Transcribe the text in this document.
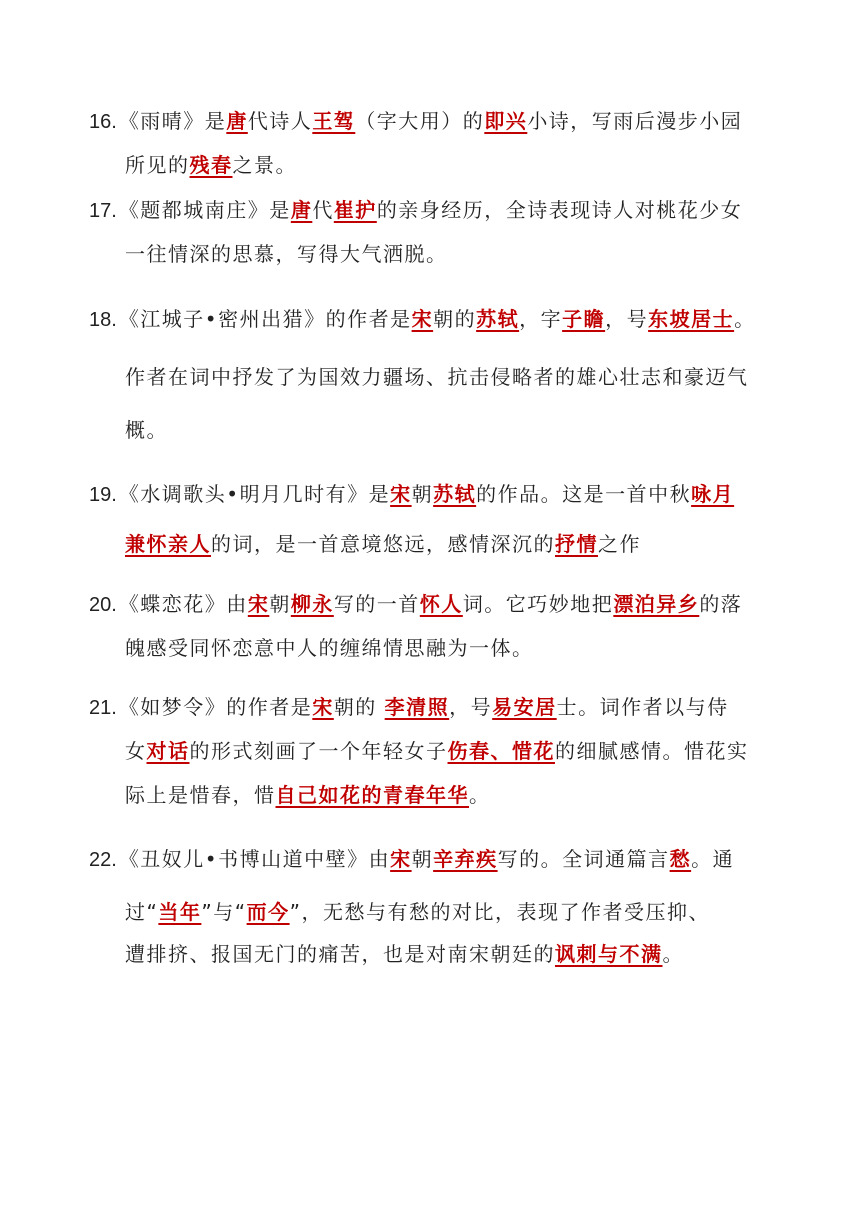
16. 《雨晴》是唐代诗人王驾（字大用）的即兴小诗，写雨后漫步小园
所见的残春之景。
17. 《题都城南庄》是唐代崔护的亲身经历，全诗表现诗人对桃花少女
一往情深的思慕，写得大气洒脱。
18. 《江城子•密州出猎》的作者是宋朝的苏轼，字子瞻，号东坡居士。
作者在词中抒发了为国效力疆场、抗击侵略者的雄心壮志和豪迈气
概。
19. 《水调歌头•明月几时有》是宋朝苏轼的作品。这是一首中秋咏月
兼怀亲人的词，是一首意境悠远，感情深沉的抒情之作
20. 《蝶恋花》由宋朝柳永写的一首怀人词。它巧妙地把漂泊异乡的落
魄感受同怀恋意中人的缠绵情思融为一体。
21. 《如梦令》的作者是宋朝的 李清照，号易安居士。词作者以与侍
女对话的形式刻画了一个年轻女子伤春、惜花的细腻感情。惜花实
际上是惜春，惜自己如花的青春年华。
22. 《丑奴儿•书博山道中壁》由宋朝辛弃疾写的。全词通篇言愁。通
过“当年”与“而今”，无愁与有愁的对比，表现了作者受压抑、
遭排挤、报国无门的痛苦，也是对南宋朝廷的讽刺与不满。
